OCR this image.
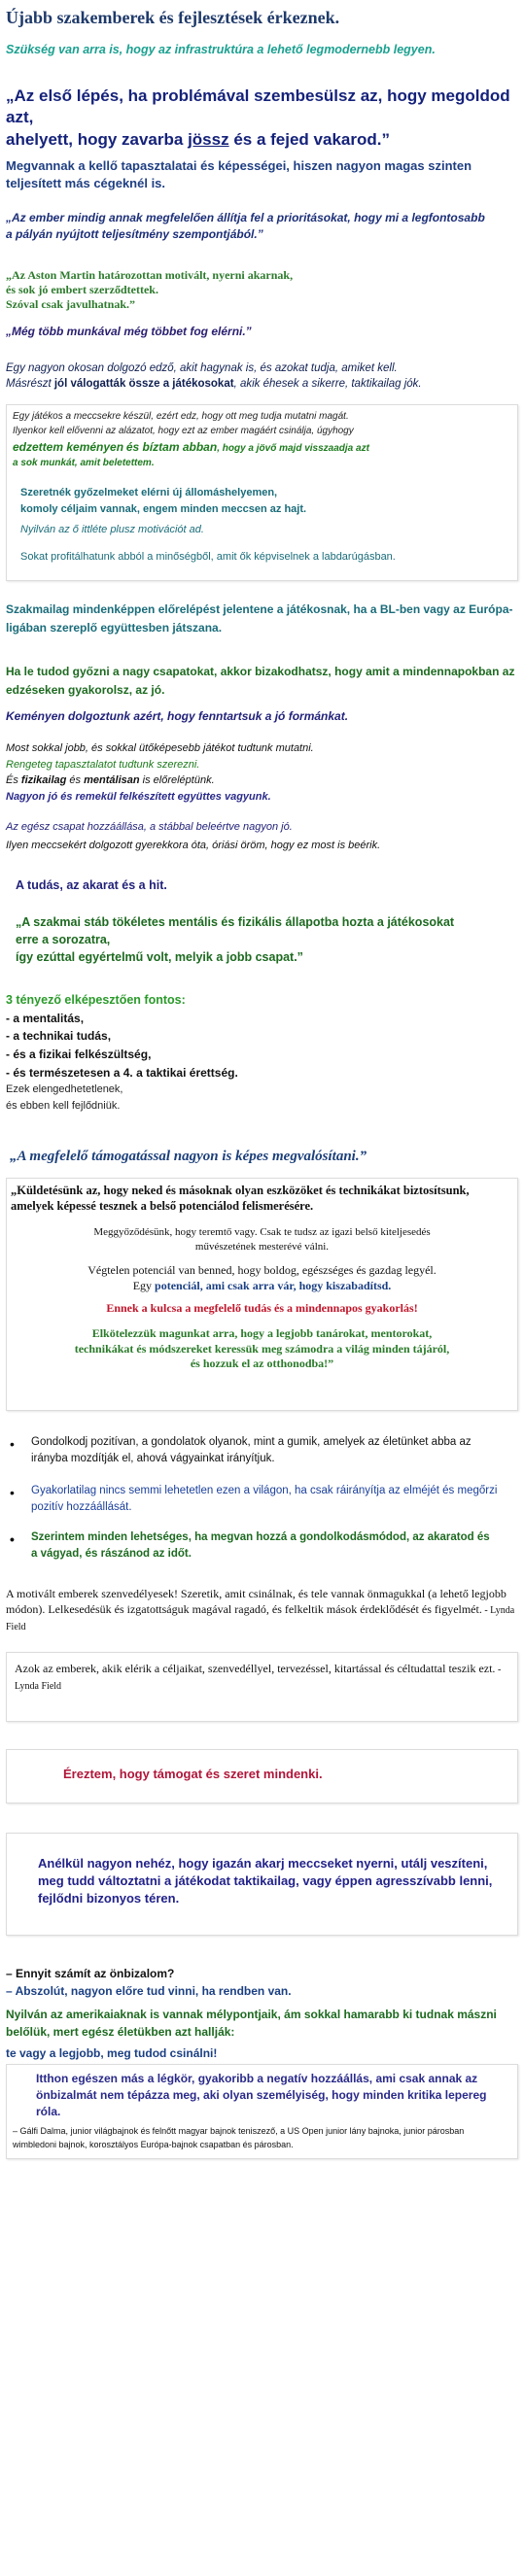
Újabb szakemberek és fejlesztések érkeznek.

Szükség van arra is, hogy az infrastruktúra a lehető legmodernebb legyen.

„Az első lépés, ha problémával szembesülsz az, hogy megoldod azt,
ahelyett, hogy zavarba jössz és a fejed vakarod.”

Megvannak a kellő tapasztalatai és képességei, hiszen nagyon magas szinten teljesített más cégeknél is.

„Az ember mindig annak megfelelően állítja fel a prioritásokat, hogy mi a legfontosabb a pályán nyújtott teljesítmény szempontjából.”

„Az Aston Martin határozottan motivált, nyerni akarnak,
és sok jó embert szerződtettek.
Szóval csak javulhatnak.”

„Még több munkával még többet fog elérni.”

Egy nagyon okosan dolgozó edző, akit hagynak is, és azokat tudja, amiket kell.
Másrészt jól válogatták össze a játékosokat, akik éhesek a sikerre, taktikailag jók.
Egy játékos a meccsekre készül, ezért edz, hogy ott meg tudja mutatni magát.
Ilyenkor kell elővenni az alázatot, hogy ezt az ember magáért csinálja, úgyhogy
edzettem keményen és bíztam abban, hogy a jövő majd visszaadja azt
a sok munkát, amit beletettem.
Szeretnék győzelmeket elérni új állomáshelyemen,
komoly céljaim vannak, engem minden meccsen az hajt.

Nyilván az ő ittléte plusz motivációt ad.

Sokat profitálhatunk abból a minőségből, amit ők képviselnek a labdarúgásban.

Szakmailag mindenképpen előrelépést jelentene a játékosnak, ha a BL-ben vagy az Európa-ligában szereplő együttesben játszana.

Ha le tudod győzni a nagy csapatokat, akkor bizakodhatsz, hogy amit a mindennapokban az edzéseken gyakorolsz, az jó.

Keményen dolgoztunk azért, hogy fenntartsuk a jó formánkat.

Most sokkal jobb, és sokkal ütőképesebb játékot tudtunk mutatni.
Rengeteg tapasztalatot tudtunk szerezni.
És fizikailag és mentálisan is előreléptünk.
Nagyon jó és remekül felkészített együttes vagyunk.
Az egész csapat hozzáállása, a stábbal beleértve nagyon jó.
Ilyen meccsekért dolgozott gyerekkora óta, óriási öröm, hogy ez most is beérik.

A tudás, az akarat és a hit.

„A szakmai stáb tökéletes mentális és fizikális állapotba hozta a játékosokat
erre a sorozatra,
így ezúttal egyértelmű volt, melyik a jobb csapat.”
3 tényező elképesztően fontos:
- a mentalitás,
- a technikai tudás,
- és a fizikai felkészültség,
- és természetesen a 4. a taktikai érettség.
Ezek elengedhetetlenek,
és ebben kell fejlődniük.

„A megfelelő támogatással nagyon is képes megvalósítani.”

„Küldetésünk az, hogy neked és másoknak olyan eszközöket és technikákat biztosítsunk, amelyek képessé tesznek a belső potenciálod felismerésére.

Meggyőződésünk, hogy teremtő vagy. Csak te tudsz az igazi belső kiteljesedés
művészetének mesterévé válni.
Végtelen potenciál van benned, hogy boldog, egészséges és gazdag legyél.
Egy potenciál, ami csak arra vár, hogy kiszabadítsd.

Ennek a kulcsa a megfelelő tudás és a mindennapos gyakorlás!

Elkötelezzük magunkat arra, hogy a legjobb tanárokat, mentorokat,
technikákat és módszereket keressük meg számodra a világ minden tájáról,
és hozzuk el az otthonodba!”
• Gondolkodj pozitívan, a gondolatok olyanok, mint a gumik, amelyek az életünket abba az irányba mozdítják el, ahová vágyainkat irányítjuk.
• Gyakorlatilag nincs semmi lehetetlen ezen a világon, ha csak ráirányítja az elméjét és megőrzi pozitív hozzáállását.
• Szerintem minden lehetséges, ha megvan hozzá a gondolkodásmódod, az akaratod és a vágyad, és rászánod az időt.
A motivált emberek szenvedélyesek! Szeretik, amit csinálnak, és tele vannak önmagukkal (a lehető legjobb módon). Lelkesedésük és izgatottságuk magával ragadó, és felkeltik mások érdeklődését és figyelmét. - Lynda Field
Azok az emberek, akik elérik a céljaikat, szenvedéllyel, tervezéssel, kitartással és céltudattal teszik ezt. - Lynda Field

Éreztem, hogy támogat és szeret mindenki.

Anélkül nagyon nehéz, hogy igazán akarj meccseket nyerni, utálj veszíteni, meg tudd változtatni a játékodat taktikailag, vagy éppen agresszívabb lenni, fejlődni bizonyos téren.

– Ennyit számít az önbizalom?
– Abszolút, nagyon előre tud vinni, ha rendben van.

Nyilván az amerikaiaknak is vannak mélypontjaik, ám sokkal hamarabb ki tudnak mászni belőlük, mert egész életükben azt hallják:

te vagy a legjobb, meg tudod csinálni!

Itthon egészen más a légkör, gyakoribb a negatív hozzáállás, ami csak annak az önbizalmát nem tépázza meg, aki olyan személyiség, hogy minden kritika lepereg róla.

– Gálfi Dalma, junior világbajnok és felnőtt magyar bajnok teniszező, a US Open junior lány bajnoka, junior párosban wimbledoni bajnok, korosztályos Európa-bajnok csapatban és párosban.
